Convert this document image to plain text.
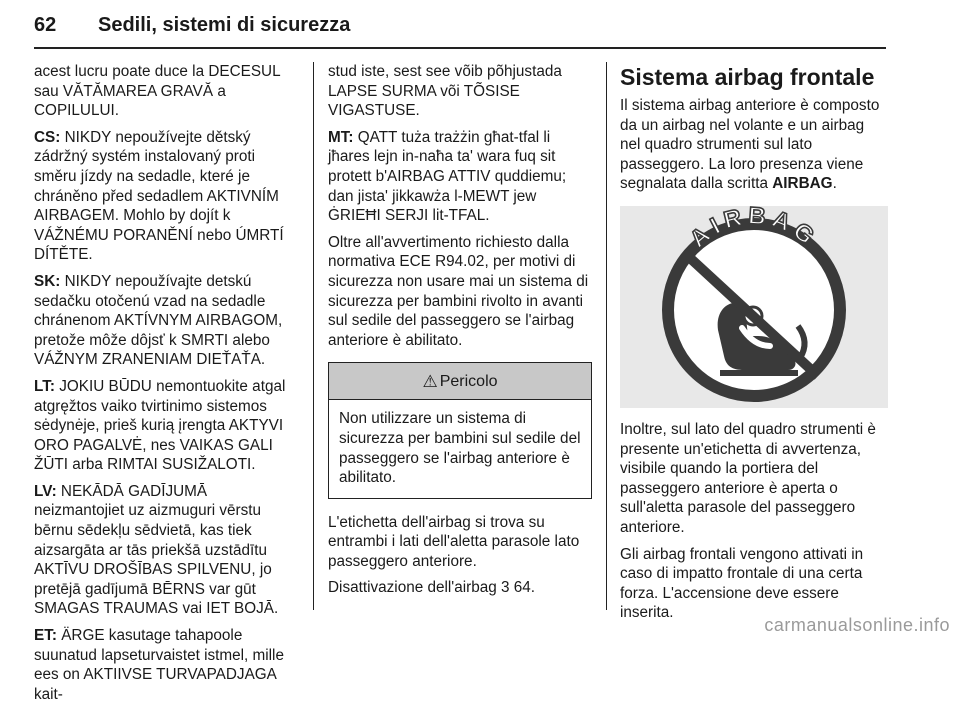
62 Sedili, sistemi di sicurezza

acest lucru poate duce la DECESUL sau VĂTĂMAREA GRAVĂ a COPILULUI.

CS: NIKDY nepoužívejte dětský zádržný systém instalovaný proti směru jízdy na sedadle, které je chráněno před sedadlem AKTIVNÍM AIRBAGEM. Mohlo by dojít k VÁŽNÉMU PORANĚNÍ nebo ÚMRTÍ DÍTĚTE.

SK: NIKDY nepoužívajte detskú sedačku otočenú vzad na sedadle chránenom AKTÍVNYM AIRBAGOM, pretože môže dôjsť k SMRTI alebo VÁŽNYM ZRANENIAM DIEŤAŤA.

LT: JOKIU BŪDU nemontuokite atgal atgręžtos vaiko tvirtinimo sistemos sėdynėje, prieš kurią įrengta AKTYVI ORO PAGALVĖ, nes VAIKAS GALI ŽŪTI arba RIMTAI SUSIŽALOTI.

LV: NEKĀDĀ GADĪJUMĀ neizmantojiet uz aizmuguri vērstu bērnu sēdekļu sēdvietā, kas tiek aizsargāta ar tās priekšā uzstādītu AKTĪVU DROŠĪBAS SPILVENU, jo pretējā gadījumā BĒRNS var gūt SMAGAS TRAUMAS vai IET BOJĀ.

ET: ÄRGE kasutage tahapoole suunatud lapseturvaistet istmel, mille ees on AKTIIVSE TURVAPADJAGA kait-

stud iste, sest see võib põhjustada LAPSE SURMA või TÕSISE VIGASTUSE.

MT: QATT tuża trażżin għat-tfal li jħares lejn in-naħa ta' wara fuq sit protett b'AIRBAG ATTIV quddiemu; dan jista' jikkawża l-MEWT jew ĠRIEĦI SERJI lit-TFAL.

Oltre all'avvertimento richiesto dalla normativa ECE R94.02, per motivi di sicurezza non usare mai un sistema di sicurezza per bambini rivolto in avanti sul sedile del passeggero se l'airbag anteriore è abilitato.

⚠ Pericolo
Non utilizzare un sistema di sicurezza per bambini sul sedile del passeggero se l'airbag anteriore è abilitato.

L'etichetta dell'airbag si trova su entrambi i lati dell'aletta parasole lato passeggero anteriore.

Disattivazione dell'airbag 3 64.

Sistema airbag frontale

Il sistema airbag anteriore è composto da un airbag nel volante e un airbag nel quadro strumenti sul lato passeggero. La loro presenza viene segnalata dalla scritta AIRBAG.

AIRBAG

Inoltre, sul lato del quadro strumenti è presente un'etichetta di avvertenza, visibile quando la portiera del passeggero anteriore è aperta o sull'aletta parasole del passeggero anteriore.

Gli airbag frontali vengono attivati in caso di impatto frontale di una certa forza. L'accensione deve essere inserita.

carmanualsonline.info
